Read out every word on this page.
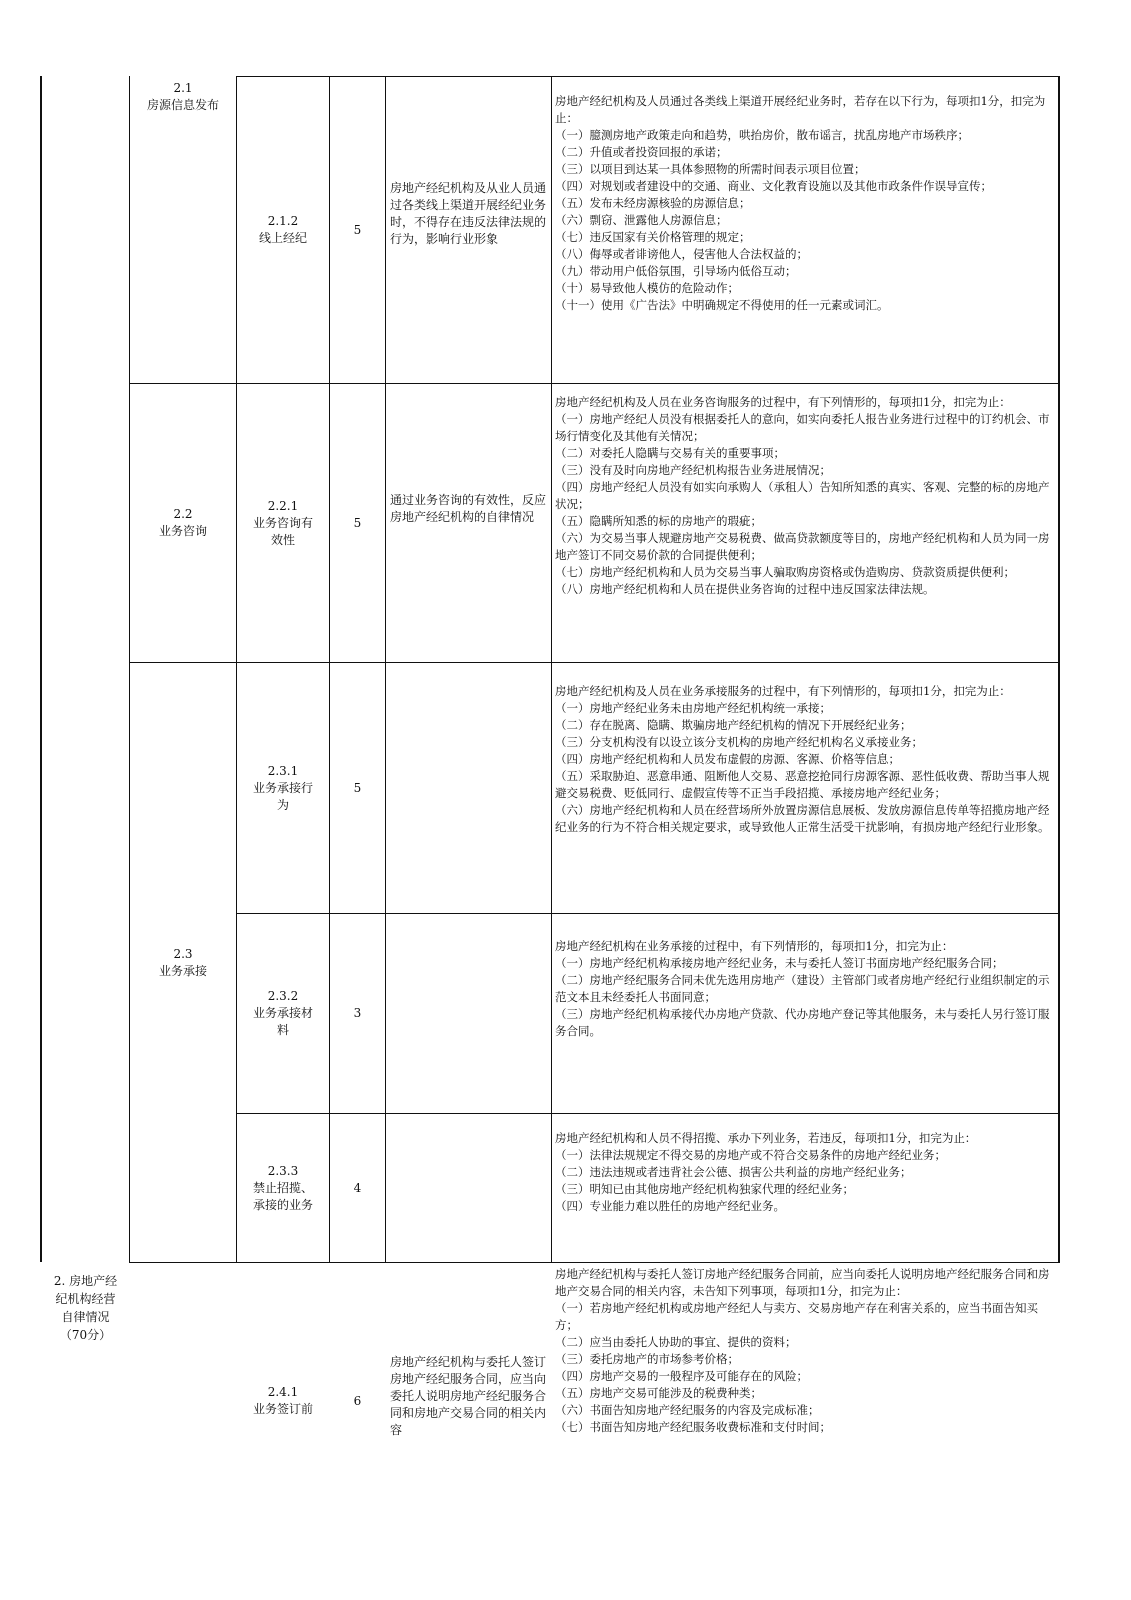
2. 房地产经
纪机构经营
自律情况
（70分）
2.1
房源信息发布
2.2
业务咨询
2.3
业务承接
2.1.2
线上经纪
5
房地产经纪机构及从业人员通过各类线上渠道开展经纪业务时，不得存在违反法律法规的行为，影响行业形象
房地产经纪机构及人员通过各类线上渠道开展经纪业务时，若存在以下行为，每项扣1分，扣完为止：
（一）臆测房地产政策走向和趋势，哄抬房价，散布谣言，扰乱房地产市场秩序；
（二）升值或者投资回报的承诺；
（三）以项目到达某一具体参照物的所需时间表示项目位置；
（四）对规划或者建设中的交通、商业、文化教育设施以及其他市政条件作误导宣传；
（五）发布未经房源核验的房源信息；
（六）剽窃、泄露他人房源信息；
（七）违反国家有关价格管理的规定；
（八）侮辱或者诽谤他人，侵害他人合法权益的；
（九）带动用户低俗氛围，引导场内低俗互动；
（十）易导致他人模仿的危险动作；
（十一）使用《广告法》中明确规定不得使用的任一元素或词汇。
2.2.1
业务咨询有
效性
5
通过业务咨询的有效性，反应房地产经纪机构的自律情况
房地产经纪机构及人员在业务咨询服务的过程中，有下列情形的，每项扣1分，扣完为止：
（一）房地产经纪人员没有根据委托人的意向，如实向委托人报告业务进行过程中的订约机会、市场行情变化及其他有关情况；
（二）对委托人隐瞒与交易有关的重要事项；
（三）没有及时向房地产经纪机构报告业务进展情况；
（四）房地产经纪人员没有如实向承购人（承租人）告知所知悉的真实、客观、完整的标的房地产状况；
（五）隐瞒所知悉的标的房地产的瑕疵；
（六）为交易当事人规避房地产交易税费、做高贷款额度等目的，房地产经纪机构和人员为同一房地产签订不同交易价款的合同提供便利；
（七）房地产经纪机构和人员为交易当事人骗取购房资格或伪造购房、贷款资质提供便利；
（八）房地产经纪机构和人员在提供业务咨询的过程中违反国家法律法规。
2.3.1
业务承接行
为
5
房地产经纪机构及人员在业务承接服务的过程中，有下列情形的，每项扣1分，扣完为止：
（一）房地产经纪业务未由房地产经纪机构统一承接；
（二）存在脱离、隐瞒、欺骗房地产经纪机构的情况下开展经纪业务；
（三）分支机构没有以设立该分支机构的房地产经纪机构名义承接业务；
（四）房地产经纪机构和人员发布虚假的房源、客源、价格等信息；
（五）采取胁迫、恶意串通、阻断他人交易、恶意挖抢同行房源客源、恶性低收费、帮助当事人规避交易税费、贬低同行、虚假宣传等不正当手段招揽、承接房地产经纪业务；
（六）房地产经纪机构和人员在经营场所外放置房源信息展板、发放房源信息传单等招揽房地产经纪业务的行为不符合相关规定要求，或导致他人正常生活受干扰影响，有损房地产经纪行业形象。
2.3.2
业务承接材
料
3
房地产经纪机构在业务承接的过程中，有下列情形的，每项扣1分，扣完为止：
（一）房地产经纪机构承接房地产经纪业务，未与委托人签订书面房地产经纪服务合同；
（二）房地产经纪服务合同未优先选用房地产（建设）主管部门或者房地产经纪行业组织制定的示范文本且未经委托人书面同意；
（三）房地产经纪机构承接代办房地产贷款、代办房地产登记等其他服务，未与委托人另行签订服务合同。
2.3.3
禁止招揽、
承接的业务
4
房地产经纪机构和人员不得招揽、承办下列业务，若违反，每项扣1分，扣完为止：
（一）法律法规规定不得交易的房地产或不符合交易条件的房地产经纪业务；
（二）违法违规或者违背社会公德、损害公共利益的房地产经纪业务；
（三）明知已由其他房地产经纪机构独家代理的经纪业务；
（四）专业能力难以胜任的房地产经纪业务。
2.4.1
业务签订前
6
房地产经纪机构与委托人签订房地产经纪服务合同，应当向委托人说明房地产经纪服务合同和房地产交易合同的相关内容
房地产经纪机构与委托人签订房地产经纪服务合同前，应当向委托人说明房地产经纪服务合同和房地产交易合同的相关内容，未告知下列事项，每项扣1分，扣完为止：
（一）若房地产经纪机构或房地产经纪人与卖方、交易房地产存在利害关系的，应当书面告知买方；
（二）应当由委托人协助的事宜、提供的资料；
（三）委托房地产的市场参考价格；
（四）房地产交易的一般程序及可能存在的风险；
（五）房地产交易可能涉及的税费种类；
（六）书面告知房地产经纪服务的内容及完成标准；
（七）书面告知房地产经纪服务收费标准和支付时间；
